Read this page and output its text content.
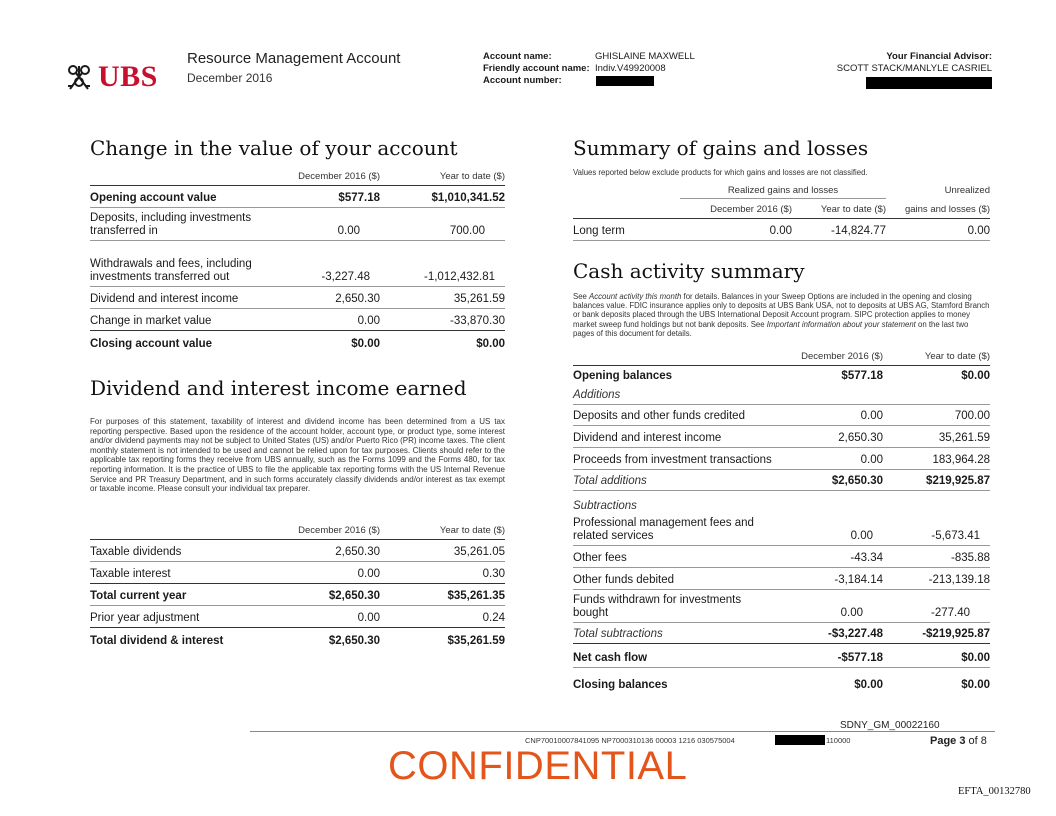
UBS
Resource Management Account
December 2016
Account name:	GHISLAINE MAXWELL
Friendly account name: Indiv.V49920008
Account number:
Your Financial Advisor:
SCOTT STACK/MANLYLE CASRIEL
Change in the value of your account
December 2016 ($)	Year to date ($)
Opening account value	$577.18	$1,010,341.52
Deposits, including investments transferred in	0.00	700.00
Withdrawals and fees, including investments transferred out	-3,227.48	-1,012,432.81
Dividend and interest income	2,650.30	35,261.59
Change in market value	0.00	-33,870.30
Closing account value	$0.00	$0.00
Dividend and interest income earned
For purposes of this statement, taxability of interest and dividend income has been determined from a US tax reporting perspective. Based upon the residence of the account holder, account type, or product type, some interest and/or dividend payments may not be subject to United States (US) and/or Puerto Rico (PR) income taxes. The client monthly statement is not intended to be used and cannot be relied upon for tax purposes. Clients should refer to the applicable tax reporting forms they receive from UBS annually, such as the Forms 1099 and the Forms 480, for tax reporting information. It is the practice of UBS to file the applicable tax reporting forms with the US Internal Revenue Service and PR Treasury Department, and in such forms accurately classify dividends and/or interest as tax exempt or taxable income. Please consult your individual tax preparer.
December 2016 ($)	Year to date ($)
Taxable dividends	2,650.30	35,261.05
Taxable interest	0.00	0.30
Total current year	$2,650.30	$35,261.35
Prior year adjustment	0.00	0.24
Total dividend & interest	$2,650.30	$35,261.59
Summary of gains and losses
Values reported below exclude products for which gains and losses are not classified.
Realized gains and losses	Unrealized
December 2016 ($)	Year to date ($)	gains and losses ($)
Long term	0.00	-14,824.77	0.00
Cash activity summary
See Account activity this month for details. Balances in your Sweep Options are included in the opening and closing balances value. FDIC insurance applies only to deposits at UBS Bank USA, not to deposits at UBS AG, Stamford Branch or bank deposits placed through the UBS International Deposit Account program. SIPC protection applies to money market sweep fund holdings but not bank deposits. See Important information about your statement on the last two pages of this document for details.
December 2016 ($)	Year to date ($)
Opening balances	$577.18	$0.00
Additions
Deposits and other funds credited	0.00	700.00
Dividend and interest income	2,650.30	35,261.59
Proceeds from investment transactions	0.00	183,964.28
Total additions	$2,650.30	$219,925.87
Subtractions
Professional management fees and related services	0.00	-5,673.41
Other fees	-43.34	-835.88
Other funds debited	-3,184.14	-213,139.18
Funds withdrawn for investments bought	0.00	-277.40
Total subtractions	-$3,227.48	-$219,925.87
Net cash flow	-$577.18	$0.00
Closing balances	$0.00	$0.00
SDNY_GM_00022160
CNP70010007841095 NP7000310136 00003 1216 030575004	110000	Page 3 of 8
CONFIDENTIAL
EFTA_00132780
